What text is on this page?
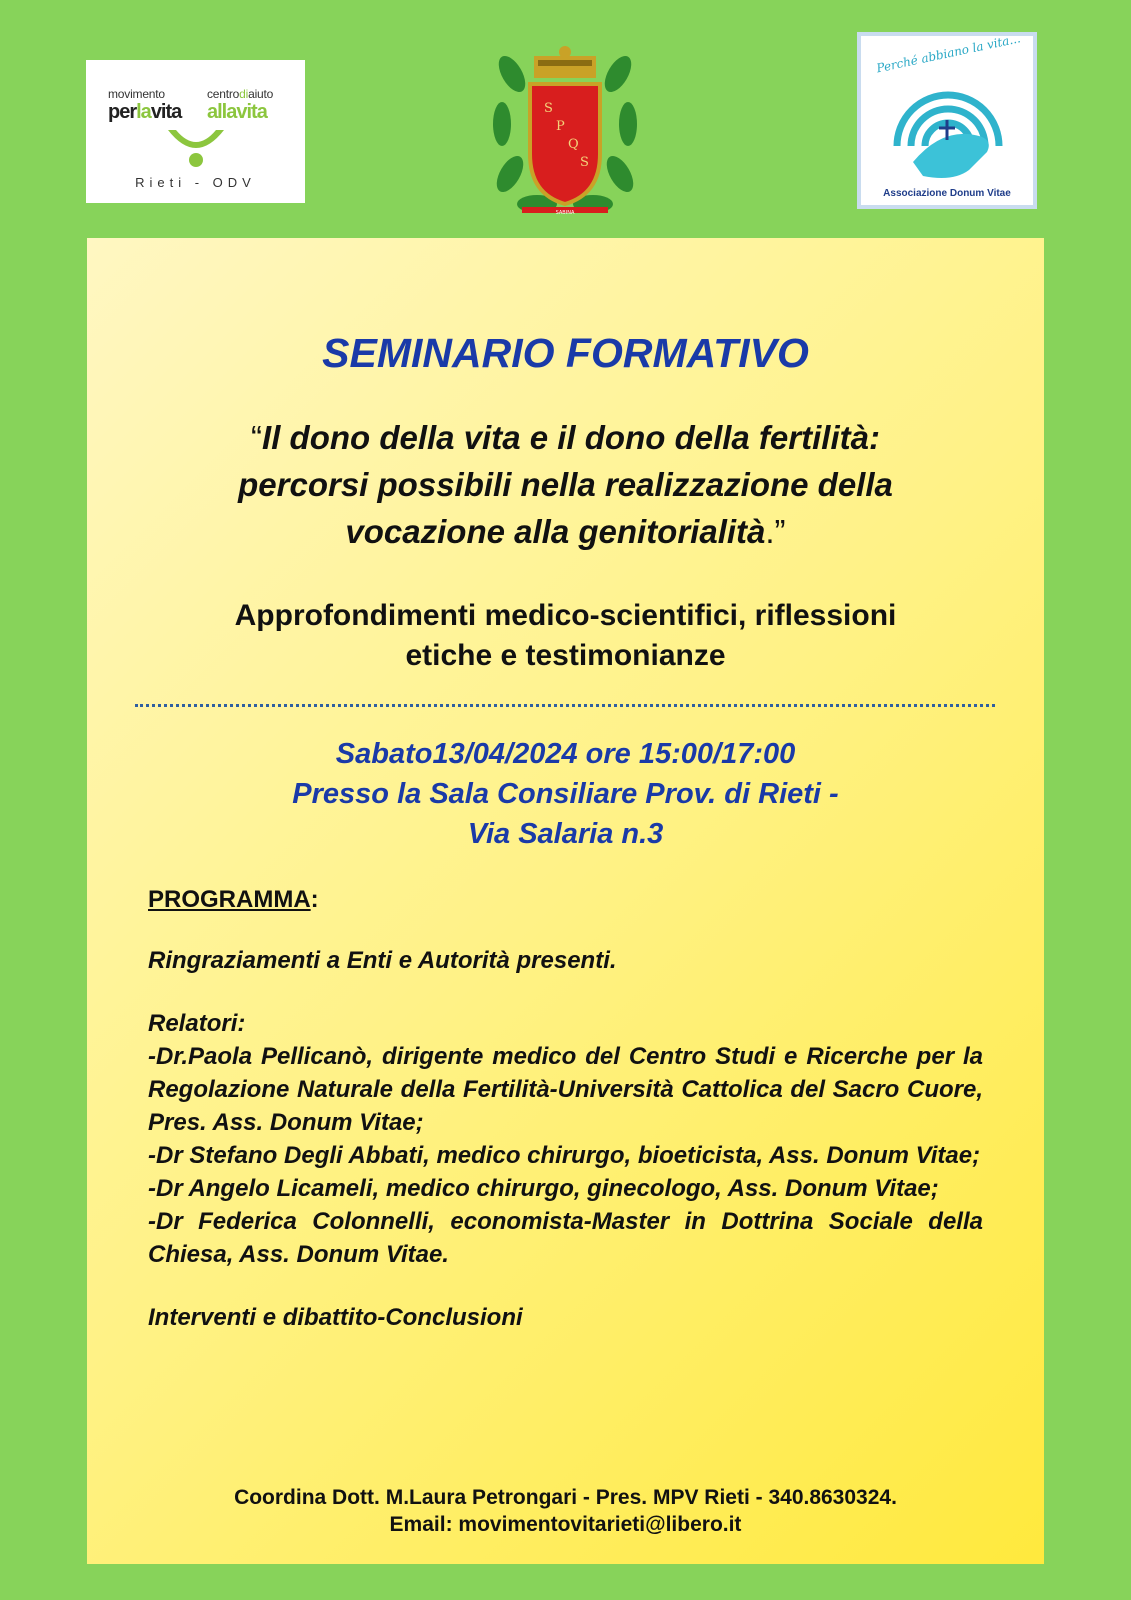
movimento
perlavita
centrodiaiuto
allavita
Rieti - ODV
S
P
Q
S
SABINA
Perché abbiano la vita...
Associazione Donum Vitae
SEMINARIO FORMATIVO
“Il dono della vita e il dono della fertilità:
percorsi possibili nella realizzazione della
vocazione alla genitorialità.”
Approfondimenti medico-scientifici, riflessioni
etiche e testimonianze
Sabato13/04/2024 ore 15:00/17:00
Presso la Sala Consiliare Prov. di Rieti -
Via Salaria n.3
PROGRAMMA:
Ringraziamenti a Enti e Autorità presenti.
Relatori:
-Dr.Paola Pellicanò, dirigente medico del Centro Studi e Ricerche per la Regolazione Naturale della Fertilità-Università Cattolica del Sacro Cuore, Pres. Ass. Donum Vitae;
-Dr Stefano Degli Abbati, medico chirurgo, bioeticista, Ass. Donum Vitae;
-Dr Angelo Licameli, medico chirurgo, ginecologo, Ass. Donum Vitae;
-Dr Federica Colonnelli, economista-Master in Dottrina Sociale della Chiesa, Ass. Donum Vitae.
Interventi e dibattito-Conclusioni
Coordina Dott. M.Laura Petrongari - Pres. MPV Rieti - 340.8630324.
Email: movimentovitarieti@libero.it
